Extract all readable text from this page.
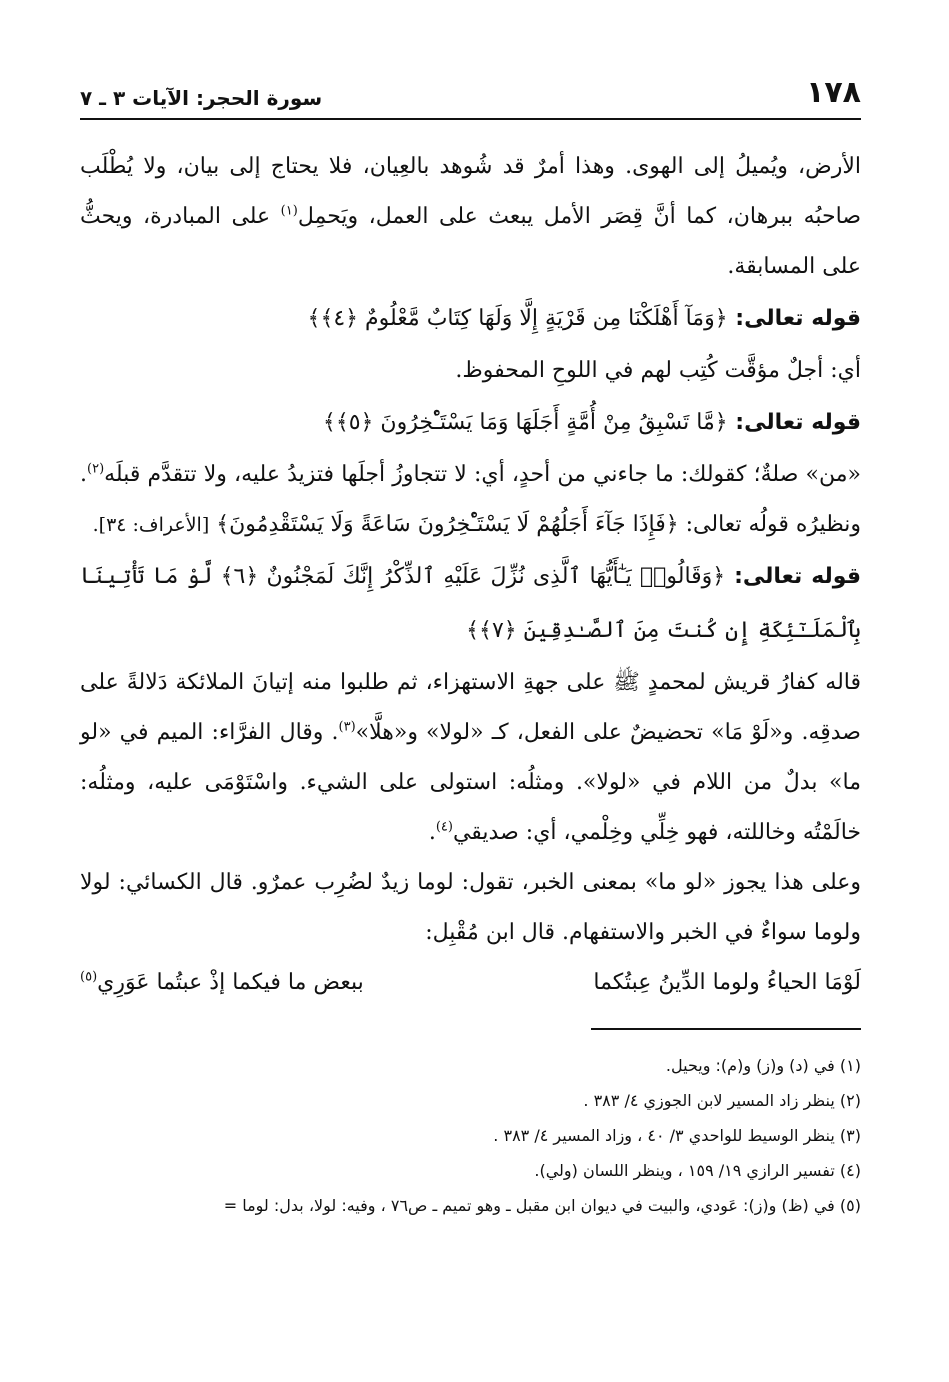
١٧٨
سورة الحجر: الآيات ٣ ـ ٧

الأرض، ويُميلُ إلى الهوى. وهذا أمرٌ قد شُوهد بالعِيان، فلا يحتاج إلى بيان، ولا يُطْلَب صاحبُه ببرهان، كما أنَّ قِصَر الأمل يبعث على العمل، ويَحمِل$^{(١)}$ على المبادرة، ويحثُّ على المسابقة.

قوله تعالى: ﴿وَمَآ أَهْلَكْنَا مِن قَرْيَةٍ إِلَّا وَلَهَا كِتَابٌ مَّعْلُومٌ ﴿٤﴾﴾

أي: أجلٌ مؤقَّت كُتِب لهم في اللوحِ المحفوظ.

قوله تعالى: ﴿مَّا تَسْبِقُ مِنْ أُمَّةٍ أَجَلَهَا وَمَا يَسْتَـْٔخِرُونَ ﴿٥﴾﴾

«من» صلةٌ؛ كقولك: ما جاءني من أحدٍ، أي: لا تتجاوزُ أجلَها فتزيدُ عليه، ولا تتقدَّم قبلَه$^{(٢)}$. ونظيرُه قولُه تعالى: ﴿فَإِذَا جَآءَ أَجَلُهُمْ لَا يَسْتَـْٔخِرُونَ سَاعَةً وَلَا يَسْتَقْدِمُونَ﴾ [الأعراف: ٣٤].

قوله تعالى: ﴿وَقَالُوا۟ يَـٰٓأَيُّهَا ٱلَّذِى نُزِّلَ عَلَيْهِ ٱلذِّكْرُ إِنَّكَ لَمَجْنُونٌ ﴿٦﴾ لَّوْ مَا تَأْتِينَا بِٱلْمَلَـٰٓئِكَةِ إِن كُنتَ مِنَ ٱلصَّـٰدِقِينَ ﴿٧﴾﴾

قاله كفارُ قريش لمحمدٍ ﷺ على جهةِ الاستهزاء، ثم طلبوا منه إتيانَ الملائكة دَلالةً على صدقِه. و«لَوْ مَا» تحضيضٌ على الفعل، كـ «لولا» و«هلَّا»$^{(٣)}$. وقال الفرَّاء: الميم في «لو ما» بدلٌ من اللام في «لولا». ومثلُه: استولى على الشيء. واسْتَوْمَى عليه، ومثلُه: خالَمْتُه وخاللته، فهو خِلِّي وخِلْمي، أي: صديقي$^{(٤)}$.

وعلى هذا يجوز «لو ما» بمعنى الخبر، تقول: لوما زيدٌ لضُرِب عمرٌو. قال الكسائي: لولا ولوما سواءٌ في الخبر والاستفهام. قال ابن مُقْبِل:

لَوْمَا الحياءُ ولوما الدِّينُ عِبتُكما
ببعض ما فيكما إذْ عبتُما عَوَرِي$^{(٥)}$
(١) في (د) و(ز) و(م): ويحيل.
(٢) ينظر زاد المسير لابن الجوزي ٤/ ٣٨٣ .
(٣) ينظر الوسيط للواحدي ٣/ ٤٠ ، وزاد المسير ٤/ ٣٨٣ .
(٤) تفسير الرازي ١٩/ ١٥٩ ، وينظر اللسان (ولي).
(٥) في (ظ) و(ز): عَودي، والبيت في ديوان ابن مقبل ـ وهو تميم ـ ص٧٦ ، وفيه: لولا، بدل: لوما =
